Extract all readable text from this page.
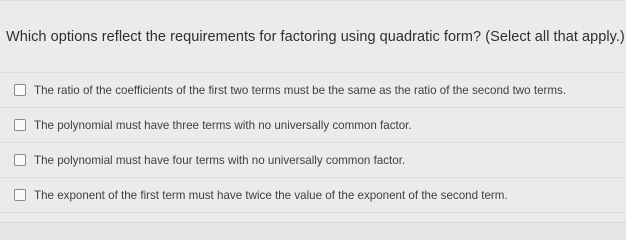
Which options reflect the requirements for factoring using quadratic form? (Select all that apply.)
The ratio of the coefficients of the first two terms must be the same as the ratio of the second two terms.
The polynomial must have three terms with no universally common factor.
The polynomial must have four terms with no universally common factor.
The exponent of the first term must have twice the value of the exponent of the second term.
